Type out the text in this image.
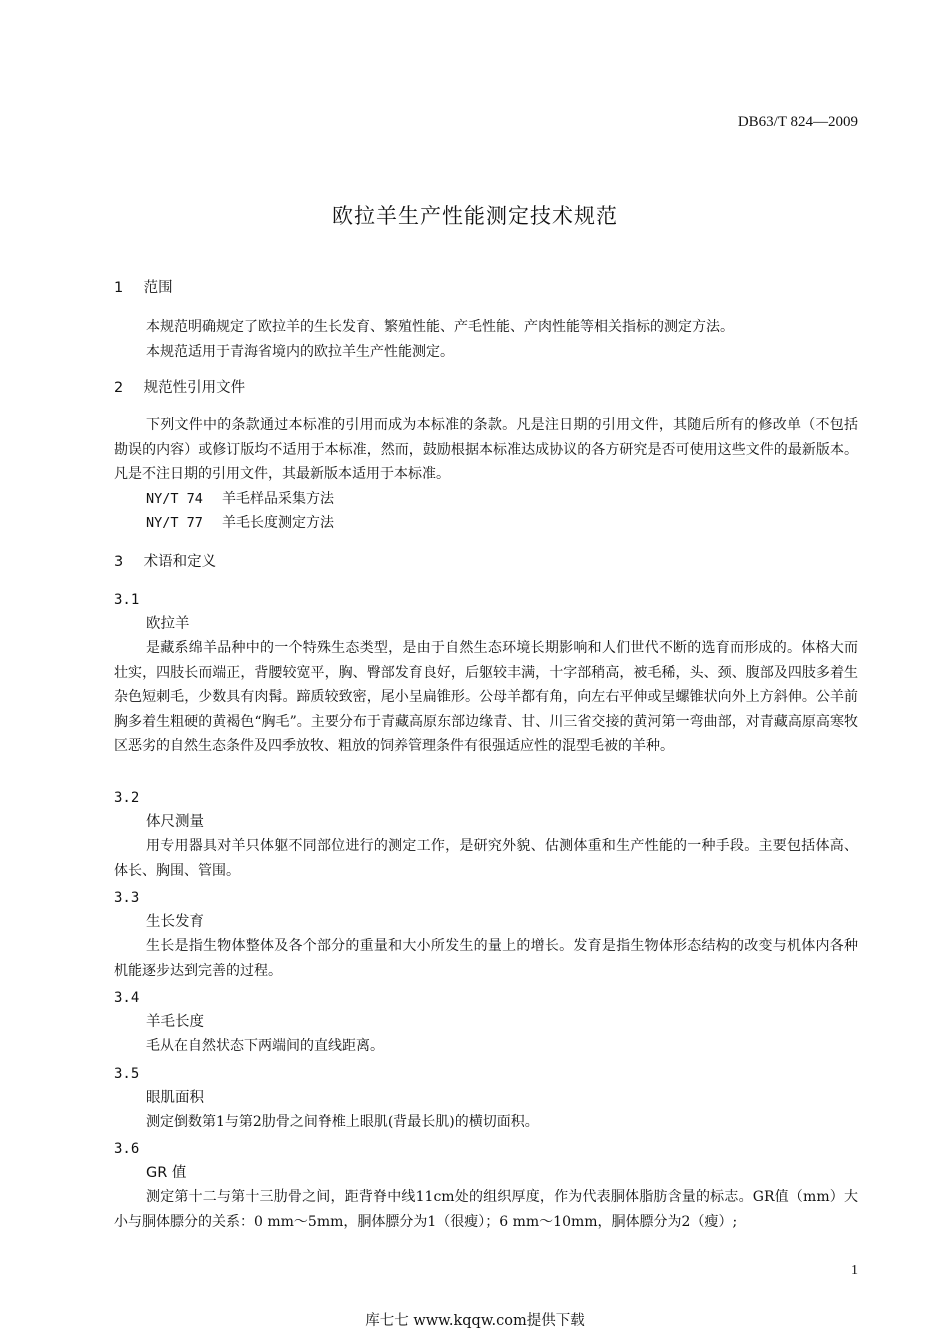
DB63/T 824—2009
欧拉羊生产性能测定技术规范
1 范围

本规范明确规定了欧拉羊的生长发育、繁殖性能、产毛性能、产肉性能等相关指标的测定方法。

本规范适用于青海省境内的欧拉羊生产性能测定。

2 规范性引用文件

下列文件中的条款通过本标准的引用而成为本标准的条款。凡是注日期的引用文件，其随后所有的修改单（不包括勘误的内容）或修订版均不适用于本标准，然而，鼓励根据本标准达成协议的各方研究是否可使用这些文件的最新版本。凡是不注日期的引用文件，其最新版本适用于本标准。

NY/T 74 羊毛样品采集方法
NY/T 77 羊毛长度测定方法
3 术语和定义
3.1
欧拉羊

是藏系绵羊品种中的一个特殊生态类型，是由于自然生态环境长期影响和人们世代不断的选育而形成的。体格大而壮实，四肢长而端正，背腰较宽平，胸、臀部发育良好，后躯较丰满，十字部稍高，被毛稀，头、颈、腹部及四肢多着生杂色短刺毛，少数具有肉髯。蹄质较致密，尾小呈扁锥形。公母羊都有角，向左右平伸或呈螺锥状向外上方斜伸。公羊前胸多着生粗硬的黄褐色“胸毛”。主要分布于青藏高原东部边缘青、甘、川三省交接的黄河第一弯曲部，对青藏高原高寒牧区恶劣的自然生态条件及四季放牧、粗放的饲养管理条件有很强适应性的混型毛被的羊种。

3.2
体尺测量

用专用器具对羊只体躯不同部位进行的测定工作，是研究外貌、估测体重和生产性能的一种手段。主要包括体高、体长、胸围、管围。

3.3
生长发育

生长是指生物体整体及各个部分的重量和大小所发生的量上的增长。发育是指生物体形态结构的改变与机体内各种机能逐步达到完善的过程。

3.4
羊毛长度

毛从在自然状态下两端间的直线距离。

3.5
眼肌面积

测定倒数第1与第2肋骨之间脊椎上眼肌(背最长肌)的横切面积。

3.6
GR 值

测定第十二与第十三肋骨之间，距背脊中线11cm处的组织厚度，作为代表胴体脂肪含量的标志。GR值（mm）大小与胴体膘分的关系：0 mm～5mm，胴体膘分为1（很瘦）；6 mm～10mm，胴体膘分为2（瘦）;

1
库七七 www.kqqw.com提供下载
